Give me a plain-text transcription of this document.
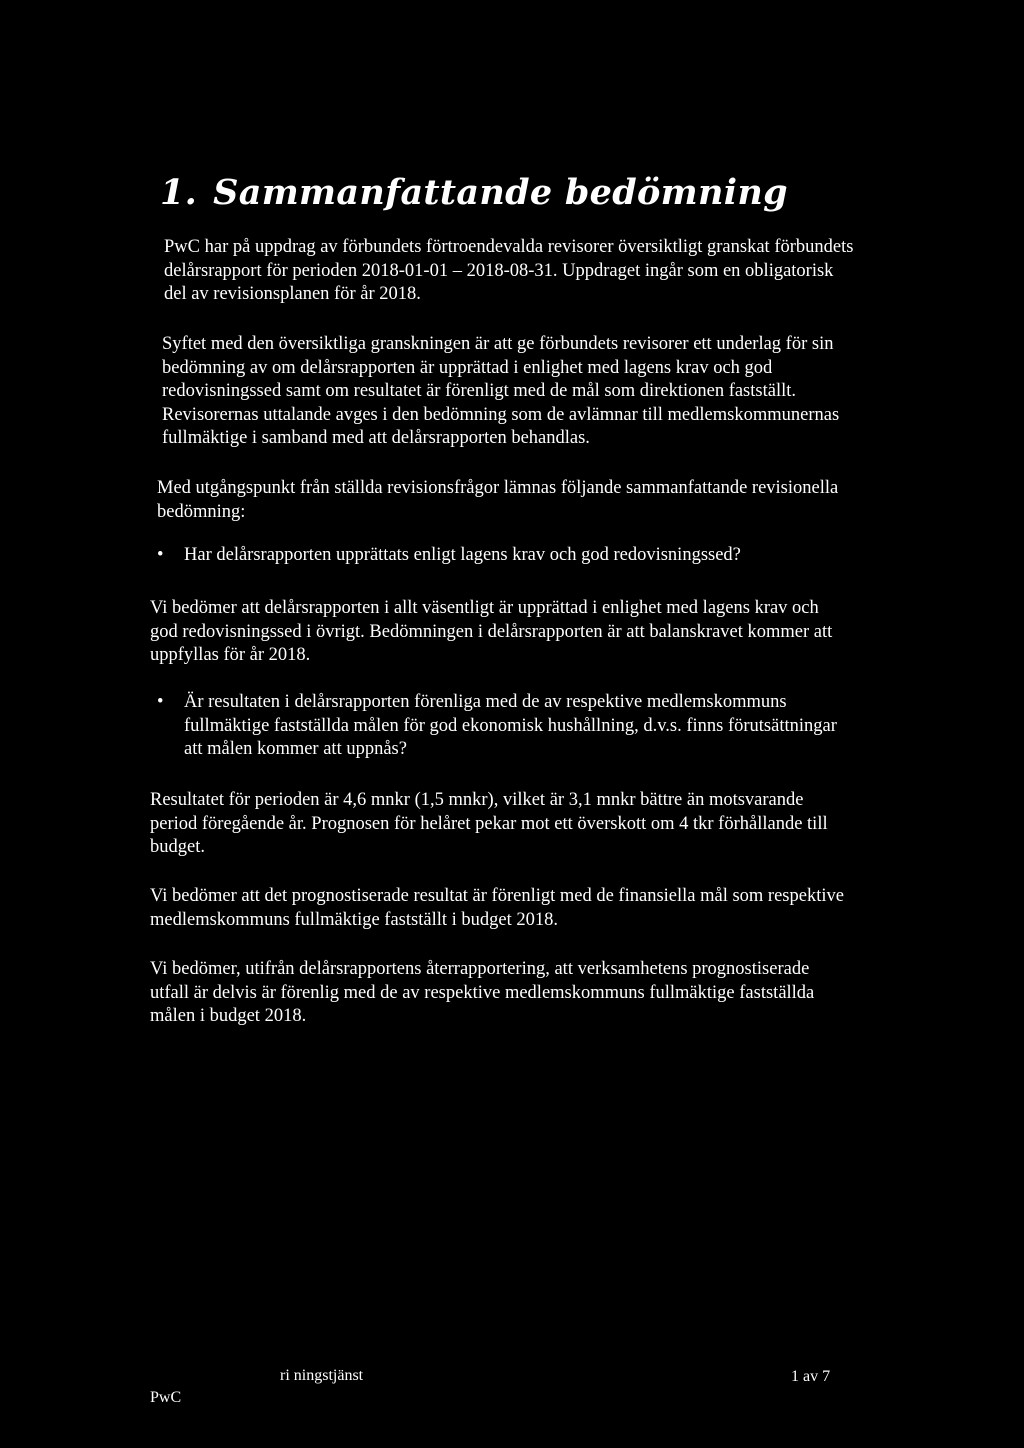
1. Sammanfattande bedömning

PwC har på uppdrag av förbundets förtroendevalda revisorer översiktligt granskat förbundets delårsrapport för perioden 2018-01-01 – 2018-08-31. Uppdraget ingår som en obligatorisk del av revisionsplanen för år 2018.

Syftet med den översiktliga granskningen är att ge förbundets revisorer ett underlag för sin bedömning av om delårsrapporten är upprättad i enlighet med lagens krav och god redovisningssed samt om resultatet är förenligt med de mål som direktionen fastställt. Revisorernas uttalande avges i den bedömning som de avlämnar till medlemskommunernas fullmäktige i samband med att delårsrapporten behandlas.

Med utgångspunkt från ställda revisionsfrågor lämnas följande sammanfattande revisionella bedömning:

• Har delårsrapporten upprättats enligt lagens krav och god redovisningssed?

Vi bedömer att delårsrapporten i allt väsentligt är upprättad i enlighet med lagens krav och god redovisningssed i övrigt. Bedömningen i delårsrapporten är att balanskravet kommer att uppfyllas för år 2018.

• Är resultaten i delårsrapporten förenliga med de av respektive medlemskommuns fullmäktige fastställda målen för god ekonomisk hushållning, d.v.s. finns förutsättningar att målen kommer att uppnås?

Resultatet för perioden är 4,6 mnkr (1,5 mnkr), vilket är 3,1 mnkr bättre än motsvarande period föregående år. Prognosen för helåret pekar mot ett överskott om 4 tkr förhållande till budget.

Vi bedömer att det prognostiserade resultat är förenligt med de finansiella mål som respektive medlemskommuns fullmäktige fastställt i budget 2018.

Vi bedömer, utifrån delårsrapportens återrapportering, att verksamhetens prognostiserade utfall är delvis är förenlig med de av respektive medlemskommuns fullmäktige fastställda målen i budget 2018.

PwC
ri ningstjänst	1 av 7
